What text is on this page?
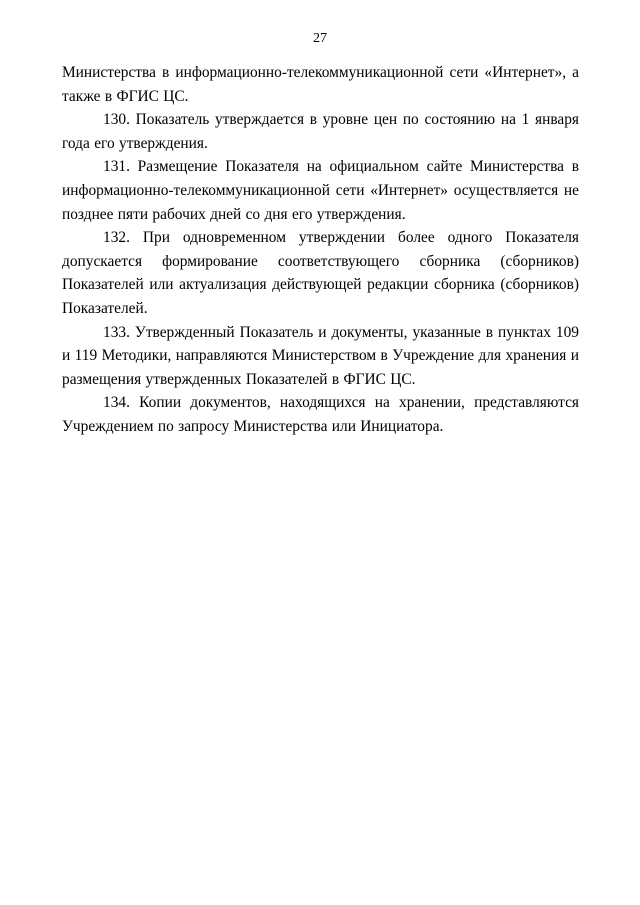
27

Министерства в информационно-телекоммуникационной сети «Интернет», а также в ФГИС ЦС.

130. Показатель утверждается в уровне цен по состоянию на 1 января года его утверждения.

131. Размещение Показателя на официальном сайте Министерства в информационно-телекоммуникационной сети «Интернет» осуществляется не позднее пяти рабочих дней со дня его утверждения.

132. При одновременном утверждении более одного Показателя допускается формирование соответствующего сборника (сборников) Показателей или актуализация действующей редакции сборника (сборников) Показателей.

133. Утвержденный Показатель и документы, указанные в пунктах 109 и 119 Методики, направляются Министерством в Учреждение для хранения и размещения утвержденных Показателей в ФГИС ЦС.

134. Копии документов, находящихся на хранении, представляются Учреждением по запросу Министерства или Инициатора.
